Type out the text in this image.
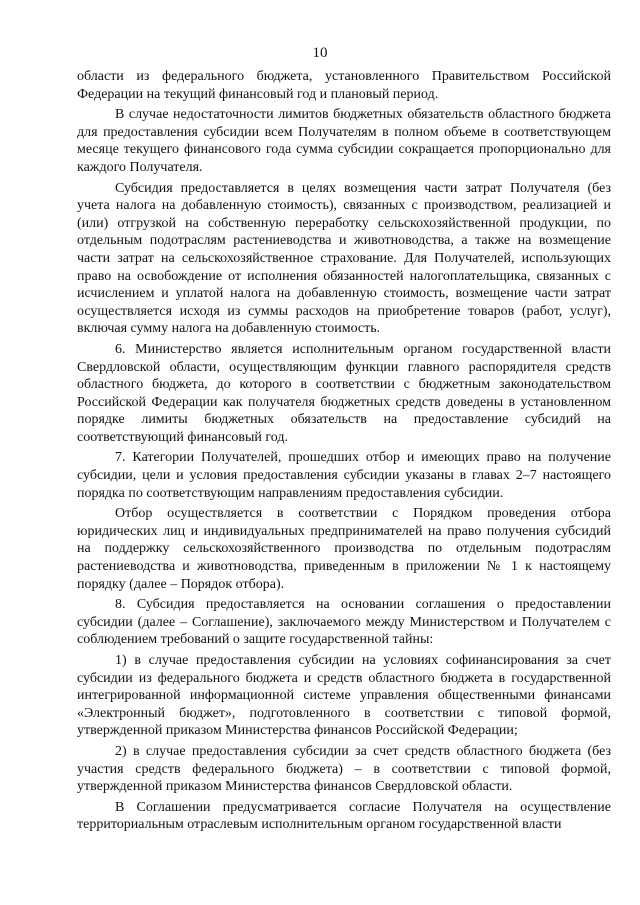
10

области из федерального бюджета, установленного Правительством Российской Федерации на текущий финансовый год и плановый период.

В случае недостаточности лимитов бюджетных обязательств областного бюджета для предоставления субсидии всем Получателям в полном объеме в соответствующем месяце текущего финансового года сумма субсидии сокращается пропорционально для каждого Получателя.

Субсидия предоставляется в целях возмещения части затрат Получателя (без учета налога на добавленную стоимость), связанных с производством, реализацией и (или) отгрузкой на собственную переработку сельскохозяйственной продукции, по отдельным подотраслям растениеводства и животноводства, а также на возмещение части затрат на сельскохозяйственное страхование. Для Получателей, использующих право на освобождение от исполнения обязанностей налогоплательщика, связанных с исчислением и уплатой налога на добавленную стоимость, возмещение части затрат осуществляется исходя из суммы расходов на приобретение товаров (работ, услуг), включая сумму налога на добавленную стоимость.

6. Министерство является исполнительным органом государственной власти Свердловской области, осуществляющим функции главного распорядителя средств областного бюджета, до которого в соответствии с бюджетным законодательством Российской Федерации как получателя бюджетных средств доведены в установленном порядке лимиты бюджетных обязательств на предоставление субсидий на соответствующий финансовый год.

7. Категории Получателей, прошедших отбор и имеющих право на получение субсидии, цели и условия предоставления субсидии указаны в главах 2–7 настоящего порядка по соответствующим направлениям предоставления субсидии.

Отбор осуществляется в соответствии с Порядком проведения отбора юридических лиц и индивидуальных предпринимателей на право получения субсидий на поддержку сельскохозяйственного производства по отдельным подотраслям растениеводства и животноводства, приведенным в приложении № 1 к настоящему порядку (далее – Порядок отбора).

8. Субсидия предоставляется на основании соглашения о предоставлении субсидии (далее – Соглашение), заключаемого между Министерством и Получателем с соблюдением требований о защите государственной тайны:

1) в случае предоставления субсидии на условиях софинансирования за счет субсидии из федерального бюджета и средств областного бюджета в государственной интегрированной информационной системе управления общественными финансами «Электронный бюджет», подготовленного в соответствии с типовой формой, утвержденной приказом Министерства финансов Российской Федерации;

2) в случае предоставления субсидии за счет средств областного бюджета (без участия средств федерального бюджета) – в соответствии с типовой формой, утвержденной приказом Министерства финансов Свердловской области.

В Соглашении предусматривается согласие Получателя на осуществление территориальным отраслевым исполнительным органом государственной власти
